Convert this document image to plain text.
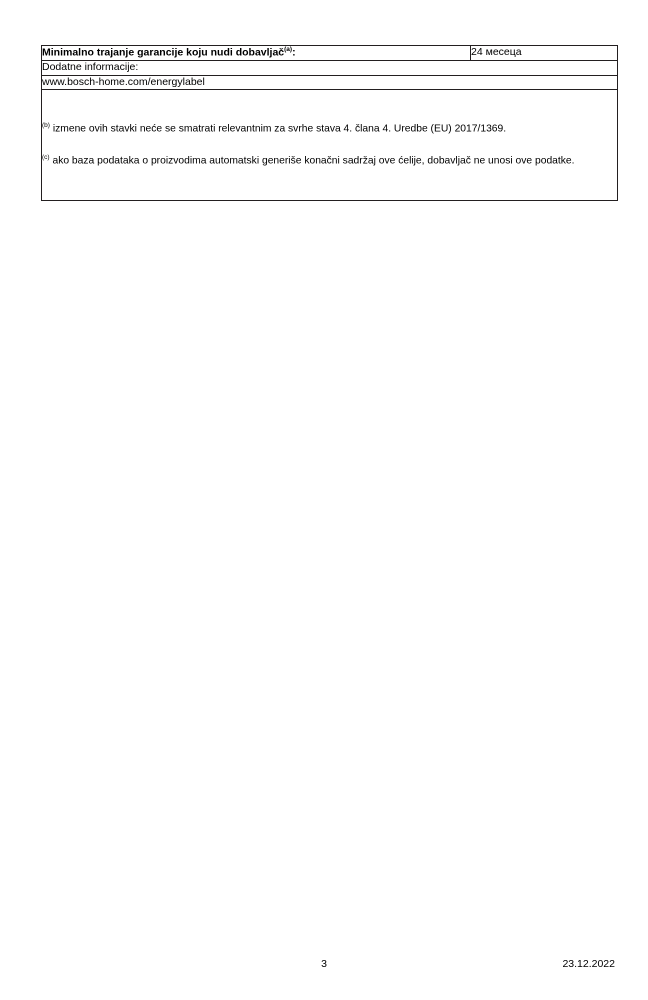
Minimalno trajanje garancije koju nudi dobavljač$^{(a)}$:	24 месеца
Dodatne informacije:
www.bosch-home.com/energylabel

$^{(b)}$ izmene ovih stavki neće se smatrati relevantnim za svrhe stava 4. člana 4. Uredbe (EU) 2017/1369.

$^{(c)}$ ako baza podataka o proizvodima automatski generiše konačni sadržaj ove ćelije, dobavljač ne unosi ove podatke.

3	23.12.2022
